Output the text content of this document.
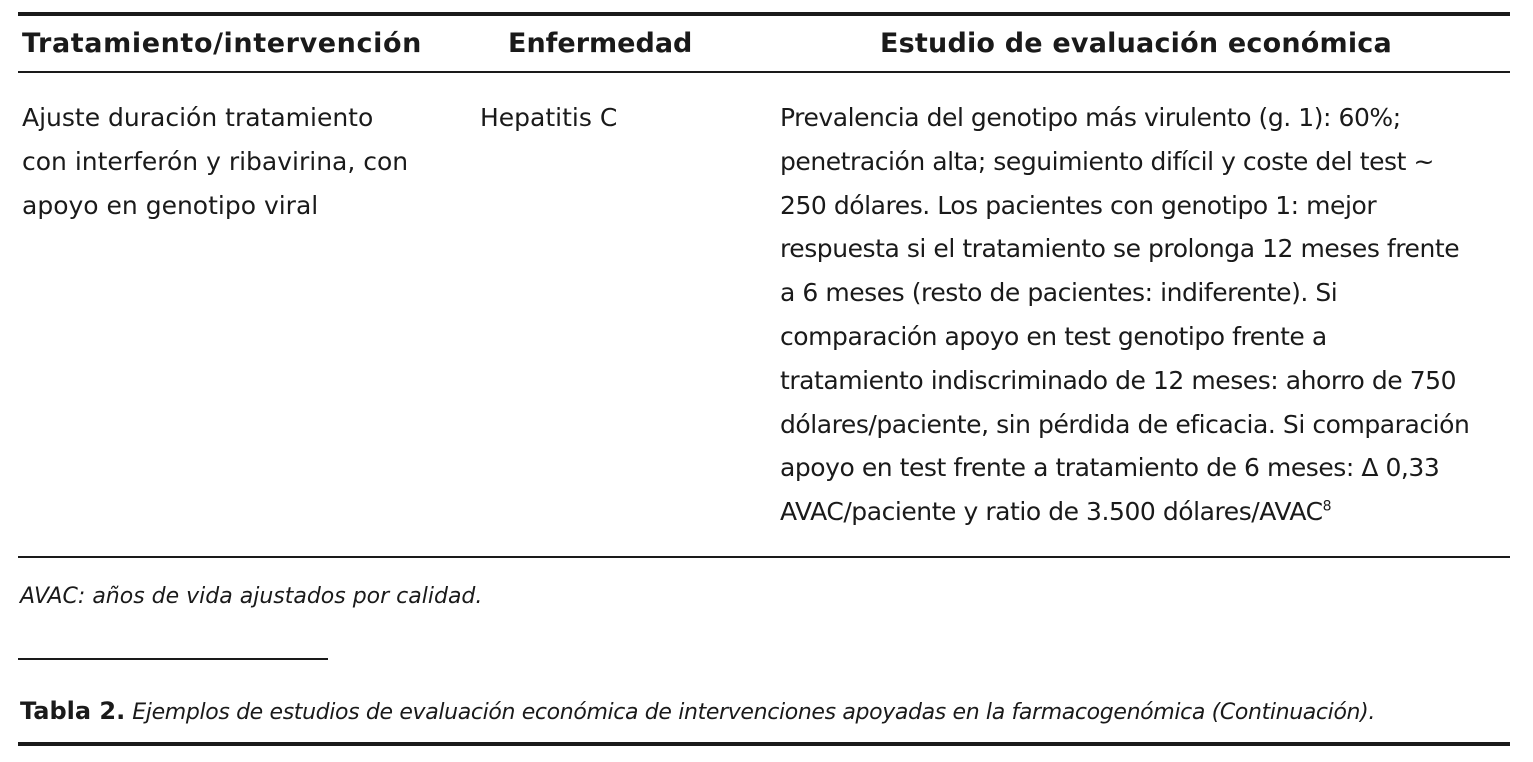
Tratamiento/intervención	Enfermedad	Estudio de evaluación económica
Ajuste duración tratamiento
con interferón y ribavirina, con
apoyo en genotipo viral
Hepatitis C	Prevalencia del genotipo más virulento (g. 1): 60%;
penetración alta; seguimiento difícil y coste del test ~
250 dólares. Los pacientes con genotipo 1: mejor
respuesta si el tratamiento se prolonga 12 meses frente
a 6 meses (resto de pacientes: indiferente). Si
comparación apoyo en test genotipo frente a
tratamiento indiscriminado de 12 meses: ahorro de 750
dólares/paciente, sin pérdida de eficacia. Si comparación
apoyo en test frente a tratamiento de 6 meses: Δ 0,33
AVAC/paciente y ratio de 3.500 dólares/AVAC$^8$
AVAC: años de vida ajustados por calidad.
Tabla 2. Ejemplos de estudios de evaluación económica de intervenciones apoyadas en la farmacogenómica (Continuación).
